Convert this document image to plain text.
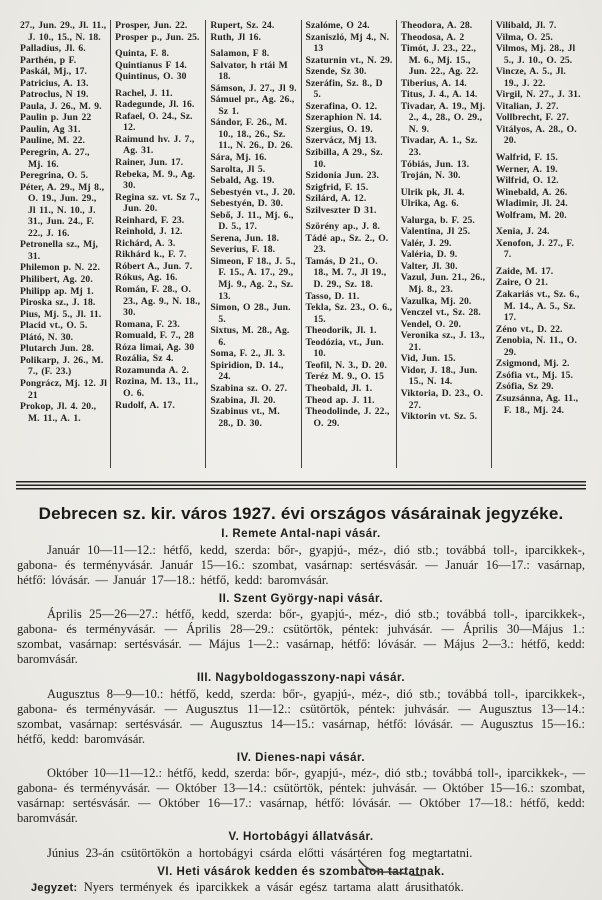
27., Jun. 29., Jl. 11., J. 10., 15., N. 18.

Palladius, Jl. 6.

Parthén, p F.

Paskál, Mj., 17.

Patricius, A. 13.

Patroclus, N 19.

Paula, J. 26., M. 9.

Paulin p. Jun 22

Paulin, Ag 31.

Pauline, M. 22.

Peregrin, A. 27., Mj. 16.

Peregrina, O. 5.

Péter, A. 29., Mj 8., O. 19., Jun. 29., Jl 11., N. 10., J. 31., Jun. 24., F. 22., J. 16.

Petronella sz., Mj, 31.

Philemon p. N. 22.

Philibert, Ag. 20.

Philipp ap. Mj 1.

Piroska sz., J. 18.

Pius, Mj. 5., Jl. 11.

Placid vt., O. 5.

Plátó, N. 30.

Plutarch Jun. 28.

Polikarp, J. 26., M. 7., (F. 23.)

Pongrácz, Mj. 12. Jl 21

Prokop, Jl. 4. 20., M. 11., A. 1.

Prosper, Jun. 22.

Prosper p., Jun. 25.

Quinta, F. 8.

Quintianus F 14.

Quintinus, O. 30

Rachel, J. 11.

Radegunde, Jl. 16.

Rafael, O. 24., Sz. 12.

Raimund hv. J. 7., Ag. 31.

Rainer, Jun. 17.

Rebeka, M. 9., Ag. 30.

Regina sz. vt. Sz 7., Jun. 20.

Reinhard, F. 23.

Reinhold, J. 12.

Richárd, A. 3.

Rikhárd k., F. 7.

Róbert A., Jun. 7.

Rókus, Ag. 16.

Román, F. 28., O. 23., Ag. 9., N. 18., 30.

Romana, F. 23.

Romuald, F. 7., 28

Róza limai, Ag. 30

Rozália, Sz 4.

Rozamunda A. 2.

Rozina, M. 13., 11., O. 6.

Rudolf, A. 17.

Rupert, Sz. 24.

Ruth, Jl 16.

Salamon, F 8.

Salvator, h rtái M 18.

Sámson, J. 27., Jl 9.

Sámuel pr., Ag. 26., Sz 1.

Sándor, F. 26., M. 10., 18., 26., Sz. 11., N. 26., D. 26.

Sára, Mj. 16.

Sarolta, Jl 5.

Sebald, Ag. 19.

Sebestyén vt., J. 20.

Sebestyén, D. 30.

Sebő, J. 11., Mj. 6., D. 5., 17.

Serena, Jun. 18.

Severius, F. 18.

Simeon, F 18., J. 5., F. 15., A. 17., 29., Mj. 9., Ag. 2., Sz. 13.

Simon, O 28., Jun. 5.

Sixtus, M. 28., Ag. 6.

Soma, F. 2., Jl. 3.

Spiridion, D. 14., 24.

Szabina sz. O. 27.

Szabina, Jl. 20.

Szabinus vt., M. 28., D. 30.

Szalóme, O 24.

Szaniszló, Mj 4., N. 13

Szaturnin vt., N. 29.

Szende, Sz 30.

Szeráfin, Sz. 8., D 5.

Szerafina, O. 12.

Szeraphion N. 14.

Szergius, O. 19.

Szervácz, Mj 13.

Szibilla, A 29., Sz. 10.

Szidonia Jun. 23.

Szigfrid, F. 15.

Szilárd, A. 12.

Szilveszter D 31.

Szörény ap., J. 8.

Tádé ap., Sz. 2., O. 23.

Tamás, D 21., O. 18., M. 7., Jl 19., D. 29., Sz. 18.

Tasso, D. 11.

Tekla, Sz. 23., O. 6., 15.

Theodorik, Jl. 1.

Teodózia, vt., Jun. 10.

Teofil, N. 3., D. 20.

Teréz M. 9., O. 15

Theobald, Jl. 1.

Theod ap. J. 11.

Theodolinde, J. 22., O. 29.

Theodora, A. 28.

Theodosa, A. 2

Timót, J. 23., 22., M. 6., Mj. 15., Jun. 22., Ag. 22.

Tiberius, A. 14.

Titus, J. 4., A. 14.

Tivadar, A. 19., Mj. 2., 4., 28., O. 29., N. 9.

Tivadar, A. 1., Sz. 23.

Tóbiás, Jun. 13.

Troján, N. 30.

Ulrik pk, Jl. 4.

Ulrika, Ag. 6.

Valurga, b. F. 25.

Valentina, Jl 25.

Valér, J. 29.

Valéria, D. 9.

Valter, Jl. 30.

Vazul, Jun. 21., 26., Mj. 8., 23.

Vazulka, Mj. 20.

Venczel vt., Sz. 28.

Vendel, O. 20.

Veronika sz., J. 13., 21.

Vid, Jun. 15.

Vidor, J. 18., Jun. 15., N. 14.

Viktoria, D. 23., O. 27.

Viktorin vt. Sz. 5.

Vilibald, Jl. 7.

Vilma, O. 25.

Vilmos, Mj. 28., Jl 5., J. 10., O. 25.

Vincze, A. 5., Jl. 19., J. 22.

Virgil, N. 27., J. 31.

Vitalian, J. 27.

Vollbrecht, F. 27.

Vitályos, A. 28., O. 20.

Walfrid, F. 15.

Werner, A. 19.

Wilfrid, O. 12.

Winebald, A. 26.

Wladimir, Jl. 24.

Wolfram, M. 20.

Xenia, J. 24.

Xenofon, J. 27., F. 7.

Zaide, M. 17.

Zaire, O 21.

Zakariás vt., Sz. 6., M. 14., A. 5., Sz. 17.

Zéno vt., D. 22.

Zenobia, N. 11., O. 29.

Zsigmond, Mj. 2.

Zsófia vt., Mj. 15.

Zsófia, Sz 29.

Zsuzsánna, Ag. 11., F. 18., Mj. 24.

Debrecen sz. kir. város 1927. évi országos vásárainak jegyzéke.
I. Remete Antal-napi vásár.

Január 10—11—12.: hétfő, kedd, szerda: bőr-, gyapjú-, méz-, dió stb.; továbbá toll-, iparcikkek-, gabona- és terményvásár. Január 15—16.: szombat, vasárnap: sertésvásár. — Január 16—17.: vasárnap, hétfő: lóvásár. — Január 17—18.: hétfő, kedd: baromvásár.

II. Szent György-napi vásár.

Április 25—26—27.: hétfő, kedd, szerda: bőr-, gyapjú-, méz-, dió stb.; továbbá toll-, iparcikkek-, gabona- és terményvásár. — Április 28—29.: csütörtök, péntek: juhvásár. — Április 30—Május 1.: szombat, vasárnap: sertésvásár. — Május 1—2.: vasárnap, hétfő: lóvásár. — Május 2—3.: hétfő, kedd: baromvásár.

III. Nagyboldogasszony-napi vásár.

Augusztus 8—9—10.: hétfő, kedd, szerda: bőr-, gyapjú-, méz-, dió stb.; továbbá toll-, iparcikkek-, gabona- és terményvásár. — Augusztus 11—12.: csütörtök, péntek: juhvásár. — Augusztus 13—14.: szombat, vasárnap: sertésvásár. — Augusztus 14—15.: vasárnap, hétfő: lóvásár. — Augusztus 15—16.: hétfő, kedd: baromvásár.

IV. Dienes-napi vásár.

Október 10—11—12.: hétfő, kedd, szerda: bőr-, gyapjú-, méz-, dió stb.; továbbá toll-, iparcikkek-, — gabona- és terményvásár. — Október 13—14.: csütörtök, péntek: juhvásár. — Október 15—16.: szombat, vasárnap: sertésvásár. — Október 16—17.: vasárnap, hétfő: lóvásár. — Október 17—18.: hétfő, kedd: baromvásár.

V. Hortobágyi állatvásár.

Június 23-án csütörtökön a hortobágyi csárda előtti vásártéren fog megtartatni.

VI. Heti vásárok kedden és szombaton tartatnak.

Jegyzet: Nyers termények és iparcikkek a vásár egész tartama alatt árusithatók.
